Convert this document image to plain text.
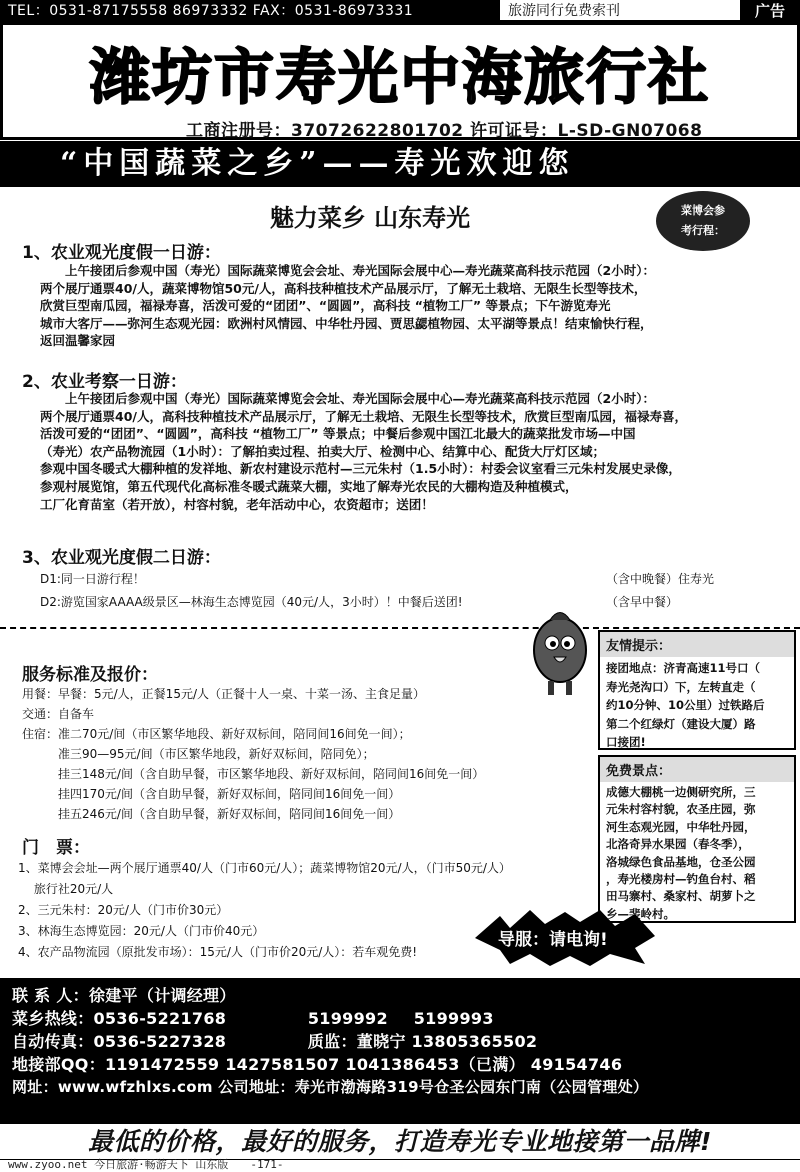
TEL：0531-87175558 86973332 FAX：0531-86973331	旅游同行免费索刊	广告
潍坊市寿光中海旅行社
工商注册号：370726228017​02 许可证号：L-SD-GN07068
“中国蔬菜之乡”——寿光欢迎您
魅力菜乡 山东寿光	菜博会参
考行程：
1、农业观光度假一日游：
　　上午接团后参观中国（寿光）国际蔬菜博览会会址、寿光国际会展中心—寿光蔬菜高科技示范园（2小时）：
两个展厅通票40/人，蔬菜博物馆50元/人，高科技种植技术产品展示厅，了解无土栽培、无限生长型等技术，
欣赏巨型南瓜园，福禄寿喜，活泼可爱的“团团”、“圆圆”，高科技 “植物工厂” 等景点；下午游览寿光
城市大客厅——弥河生态观光园：欧洲村风情园、中华牡丹园、贾思勰植物园、太平湖等景点！结束愉快行程，
返回温馨家园
2、农业考察一日游：
　　上午接团后参观中国（寿光）国际蔬菜博览会会址、寿光国际会展中心—寿光蔬菜高科技示范园（2小时）：
两个展厅通票40/人，高科技种植技术产品展示厅，了解无土栽培、无限生长型等技术，欣赏巨型南瓜园，福禄寿喜，
活泼可爱的“团团”、“圆圆”，高科技 “植物工厂” 等景点；中餐后参观中国江北最大的蔬菜批发市场—中国
（寿光）农产品物流园（1小时）：了解拍卖过程、拍卖大厅、检测中心、结算中心、配货大厅灯区域；
参观中国冬暖式大棚种植的发祥地、新农村建设示范村—三元朱村（1.5小时）：村委会议室看三元朱村发展史录像，
参观村展览馆，第五代现代化高标准冬暖式蔬菜大棚，实地了解寿光农民的大棚构造及种植模式，
工厂化育苗室（若开放），村容村貌，老年活动中心，农资超市；送团！
3、农业观光度假二日游：
D1:同一日游行程！	（含中晚餐）住寿光
D2:游览国家AAAA级景区—林海生态博览园（40元/人，3小时）！中餐后送团!	（含早中餐）
服务标准及报价：
用餐：早餐：5元/人，正餐15元/人（正餐十人一桌、十菜一汤、主食足量）
交通：自备车
住宿：准二70元/间（市区繁华地段、新好双标间，陪同间16间免一间）；
　　　准三90—95元/间（市区繁华地段，新好双标间，陪同免）；
　　　挂三148元/间（含自助早餐，市区繁华地段、新好双标间，陪同间16间免一间）
　　　挂四170元/间（含自助早餐，新好双标间，陪同间16间免一间）
　　　挂五246元/间（含自助早餐，新好双标间，陪同间16间免一间）
门　票：
1、菜博会会址—两个展厅通票40/人（门市60元/人）；蔬菜博物馆20元/人，（门市50元/人）
　 旅行社20元/人
2、三元朱村：20元/人（门市价30元）
3、林海生态博览园：20元/人（门市价40元）
4、农产品物流园（原批发市场）：15元/人（门市价20元/人）：若车观免费!
友情提示：
接团地点：济青高速11号口（
寿光尧沟口）下，左转直走（
约10分钟、10公里）过铁路后
第二个红绿灯（建设大厦）路
口接团!
免费景点：
成德大棚桃一边侧研究所，三
元朱村容村貌，农圣庄园，弥
河生态观光园，中华牡丹园，
北洛奇异水果园（春冬季），
洛城绿色食品基地，仓圣公园
，寿光楼房村—钓鱼台村、稻
田马寨村、桑家村、胡萝卜之
乡—裴岭村。
导服：请电询!
联 系 人：徐建平（计调经理）
菜乡热线：0536-5221768	5199992 5199993
自动传真：0536-5227328	质监：董晓宁 13805365502
地接部QQ：1191472559 1427581507 1041386453（已满） 49154746
网址：www.wfzhlxs.com 公司地址：寿光市渤海路319号仓圣公园东门南（公园管理处）
最低的价格，最好的服务，打造寿光专业地接第一品牌!
www.zyoo.net 今日旅游·畅游天下 山东版　　-171-
